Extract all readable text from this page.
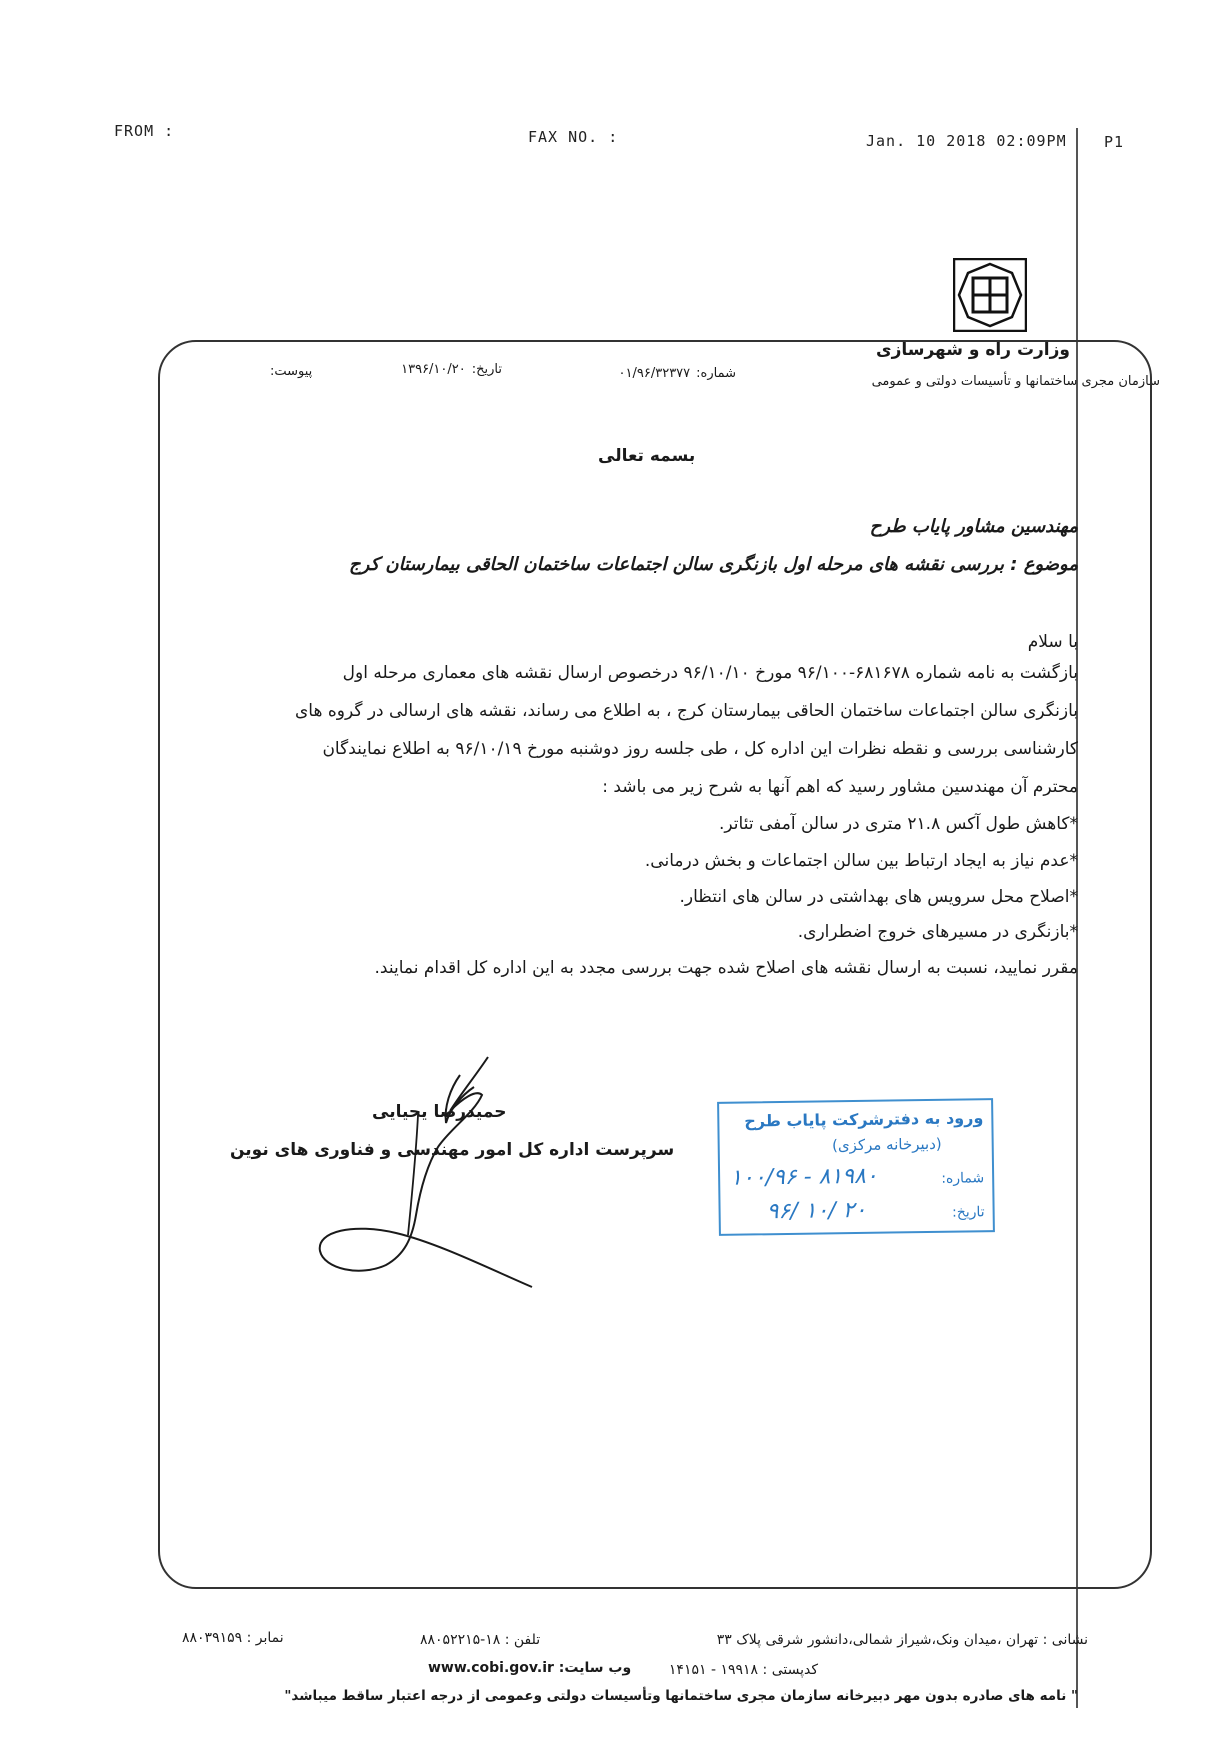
FROM :	FAX NO. :	Jan. 10 2018 02:09PM P1
وزارت راه و شهرسازی
سازمان مجری ساختمانها و تأسیسات دولتی و عمومی
شماره:
۰۱/۹۶/۳۲۳۷۷
تاریخ:
۱۳۹۶/۱۰/۲۰
پیوست:
بسمه تعالی
مهندسین مشاور پایاب طرح
موضوع : بررسی نقشه های مرحله اول بازنگری سالن اجتماعات ساختمان الحاقی بیمارستان کرج
با سلام
بازگشت به نامه شماره ۶۸۱۶۷۸-۹۶/۱۰۰ مورخ ۹۶/۱۰/۱۰ درخصوص ارسال نقشه های معماری مرحله اول
بازنگری سالن اجتماعات ساختمان الحاقی بیمارستان کرج ، به اطلاع می رساند، نقشه های ارسالی در گروه های
کارشناسی بررسی و نقطه نظرات این اداره کل ، طی جلسه روز دوشنبه مورخ ۹۶/۱۰/۱۹ به اطلاع نمایندگان
محترم آن مهندسین مشاور رسید که اهم آنها به شرح زیر می باشد :
*کاهش طول آکس ۲۱.۸ متری در سالن آمفی تئاتر.
*عدم نیاز به ایجاد ارتباط بین سالن اجتماعات و بخش درمانی.
*اصلاح محل سرویس های بهداشتی در سالن های انتظار.
*بازنگری در مسیرهای خروج اضطراری.
مقرر نمایید، نسبت به ارسال نقشه های اصلاح شده جهت بررسی مجدد به این اداره کل اقدام نمایند.
حمیدرضا یحیایی
سرپرست اداره کل امور مهندسی و فناوری های نوین
ورود به دفترشرکت پایاب طرح
(دبیرخانه مرکزی)
شماره:
۱۰۰/۹۶ - ۸۱۹۸۰
تاریخ:
۹۶/ ۱۰/ ۲۰
نشانی : تهران ،میدان ونک،شیراز شمالی،دانشور شرقی پلاک ۳۳
کدپستی : ۱۹۹۱۸ - ۱۴۱۵۱
تلفن : ۱۸-۸۸۰۵۲۲۱۵
وب سایت: www.cobi.gov.ir
نمابر : ۸۸۰۳۹۱۵۹
" نامه های صادره بدون مهر دبیرخانه سازمان مجری ساختمانها وتأسیسات دولتی وعمومی از درجه اعتبار ساقط میباشد"
